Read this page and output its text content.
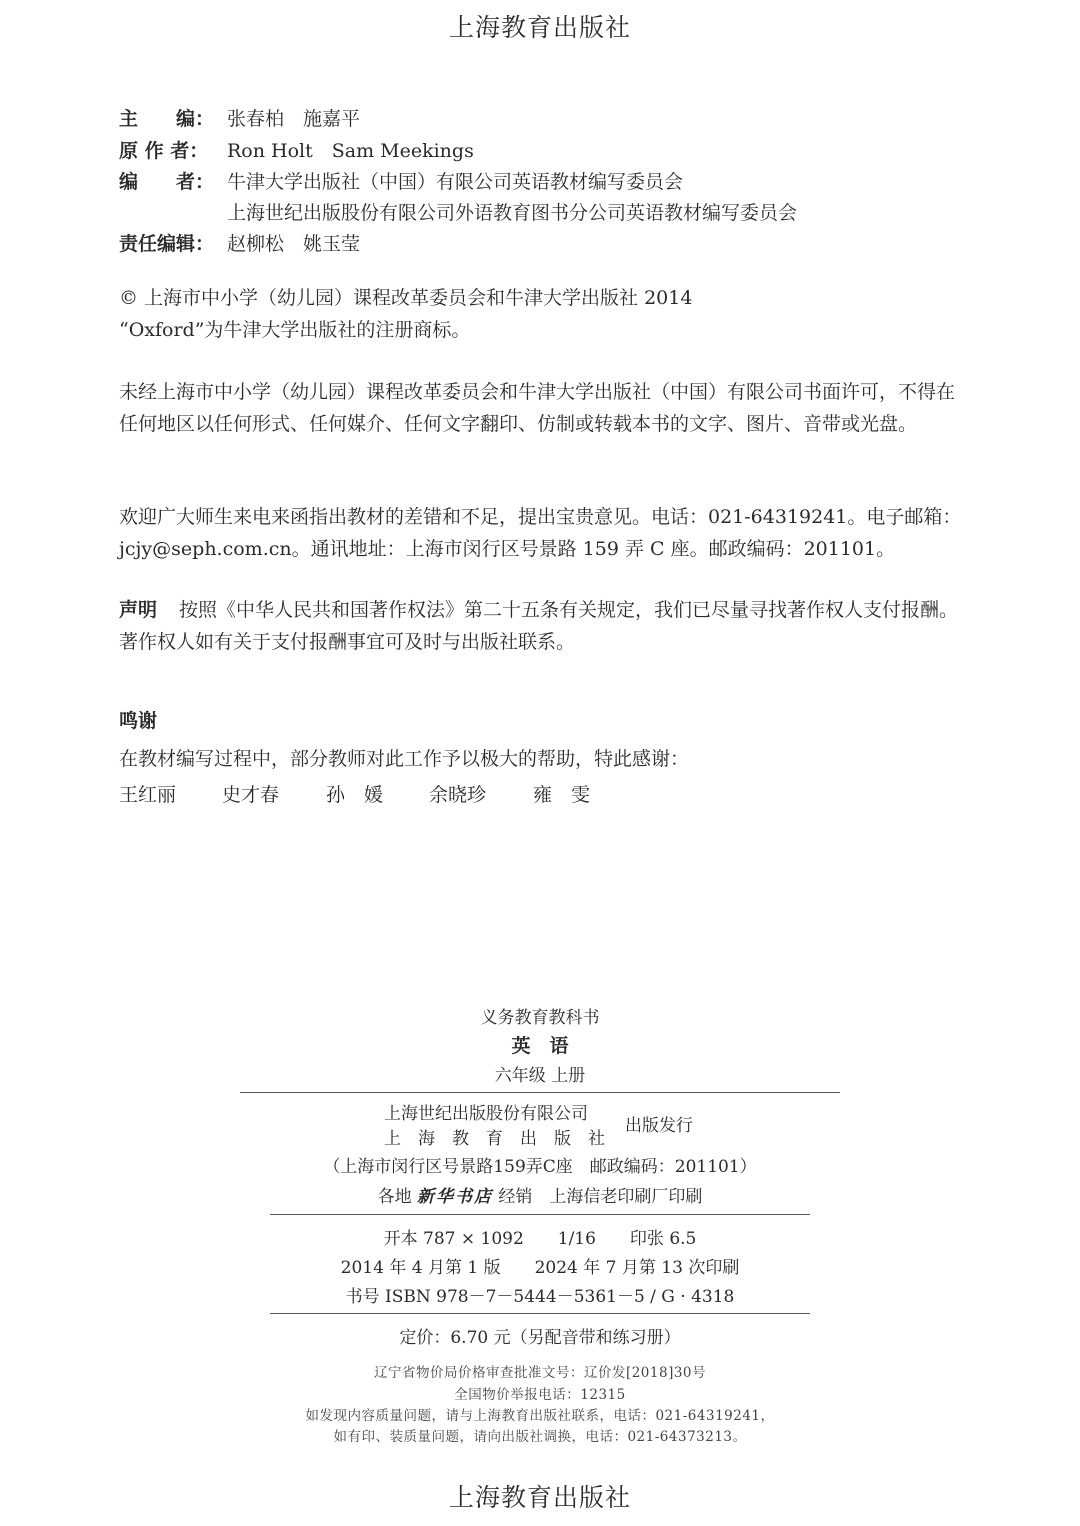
上海教育出版社
主　　编： 张春柏　施嘉平
原 作 者： Ron Holt　Sam Meekings
编　　者： 牛津大学出版社（中国）有限公司英语教材编写委员会
上海世纪出版股份有限公司外语教育图书分公司英语教材编写委员会
责任编辑： 赵柳松　姚玉莹
© 上海市中小学（幼儿园）课程改革委员会和牛津大学出版社 2014
“Oxford”为牛津大学出版社的注册商标。
未经上海市中小学（幼儿园）课程改革委员会和牛津大学出版社（中国）有限公司书面许可，不得在任何地区以任何形式、任何媒介、任何文字翻印、仿制或转载本书的文字、图片、音带或光盘。
欢迎广大师生来电来函指出教材的差错和不足，提出宝贵意见。电话：021-64319241。电子邮箱：jcjy@seph.com.cn。通讯地址：上海市闵行区号景路 159 弄 C 座。邮政编码：201101。
声明 按照《中华人民共和国著作权法》第二十五条有关规定，我们已尽量寻找著作权人支付报酬。著作权人如有关于支付报酬事宜可及时与出版社联系。
鸣谢
在教材编写过程中，部分教师对此工作予以极大的帮助，特此感谢：
王红丽 史才春 孙　媛 余晓珍 雍　雯
义务教育教科书
英　语
六年级 上册
上海世纪出版股份有限公司
上　海　教　育　出　版　社
出版发行
（上海市闵行区号景路159弄C座　邮政编码：201101）
各地 新华书店 经销　上海信老印刷厂印刷
开本 787 × 1092　　1/16　　印张 6.5
2014 年 4 月第 1 版　　2024 年 7 月第 13 次印刷
书号 ISBN 978－7－5444－5361－5 / G · 4318
定价：6.70 元（另配音带和练习册）
辽宁省物价局价格审查批准文号：辽价发[2018]30号
全国物价举报电话：12315
如发现内容质量问题，请与上海教育出版社联系，电话：021-64319241，
如有印、装质量问题，请向出版社调换，电话：021-64373213。
上海教育出版社
